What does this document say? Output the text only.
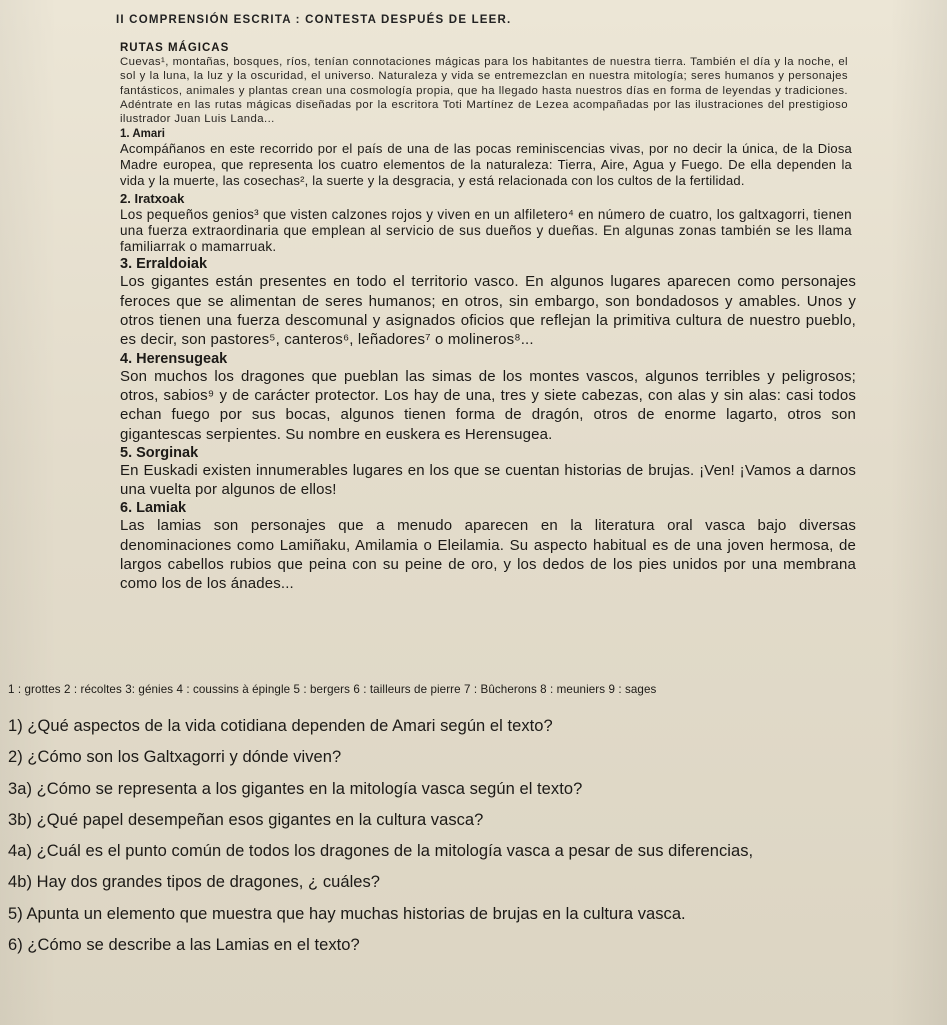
II COMPRENSIÓN ESCRITA : CONTESTA DESPUÉS DE LEER.
RUTAS MÁGICAS

Cuevas¹, montañas, bosques, ríos, tenían connotaciones mágicas para los habitantes de nuestra tierra. También el día y la noche, el sol y la luna, la luz y la oscuridad, el universo. Naturaleza y vida se entremezclan en nuestra mitología; seres humanos y personajes fantásticos, animales y plantas crean una cosmología propia, que ha llegado hasta nuestros días en forma de leyendas y tradiciones. Adéntrate en las rutas mágicas diseñadas por la escritora Toti Martínez de Lezea acompañadas por las ilustraciones del prestigioso ilustrador Juan Luis Landa...

1. Amari

Acompáñanos en este recorrido por el país de una de las pocas reminiscencias vivas, por no decir la única, de la Diosa Madre europea, que representa los cuatro elementos de la naturaleza: Tierra, Aire, Agua y Fuego. De ella dependen la vida y la muerte, las cosechas², la suerte y la desgracia, y está relacionada con los cultos de la fertilidad.

2. Iratxoak

Los pequeños genios³ que visten calzones rojos y viven en un alfiletero⁴ en número de cuatro, los galtxagorri, tienen una fuerza extraordinaria que emplean al servicio de sus dueños y dueñas. En algunas zonas también se les llama familiarrak o mamarruak.

3. Erraldoiak

Los gigantes están presentes en todo el territorio vasco. En algunos lugares aparecen como personajes feroces que se alimentan de seres humanos; en otros, sin embargo, son bondadosos y amables. Unos y otros tienen una fuerza descomunal y asignados oficios que reflejan la primitiva cultura de nuestro pueblo, es decir, son pastores⁵, canteros⁶, leñadores⁷ o molineros⁸...

4. Herensugeak

Son muchos los dragones que pueblan las simas de los montes vascos, algunos terribles y peligrosos; otros, sabios⁹ y de carácter protector. Los hay de una, tres y siete cabezas, con alas y sin alas: casi todos echan fuego por sus bocas, algunos tienen forma de dragón, otros de enorme lagarto, otros son gigantescas serpientes. Su nombre en euskera es Herensugea.

5. Sorginak

En Euskadi existen innumerables lugares en los que se cuentan historias de brujas. ¡Ven! ¡Vamos a darnos una vuelta por algunos de ellos!

6. Lamiak

Las lamias son personajes que a menudo aparecen en la literatura oral vasca bajo diversas denominaciones como Lamiñaku, Amilamia o Eleilamia. Su aspecto habitual es de una joven hermosa, de largos cabellos rubios que peina con su peine de oro, y los dedos de los pies unidos por una membrana como los de los ánades...

1 : grottes 2 : récoltes 3: génies 4 : coussins à épingle 5 : bergers 6 : tailleurs de pierre 7 : Bûcherons 8 : meuniers 9 : sages

1) ¿Qué aspectos de la vida cotidiana dependen de Amari según el texto?

2) ¿Cómo son los Galtxagorri y dónde viven?

3a) ¿Cómo se representa a los gigantes en la mitología vasca según el texto?

3b) ¿Qué papel desempeñan esos gigantes en la cultura vasca?

4a) ¿Cuál es el punto común de todos los dragones de la mitología vasca a pesar de sus diferencias,

4b) Hay dos grandes tipos de dragones, ¿ cuáles?

5) Apunta un elemento que muestra que hay muchas historias de brujas en la cultura vasca.

6) ¿Cómo se describe a las Lamias en el texto?
